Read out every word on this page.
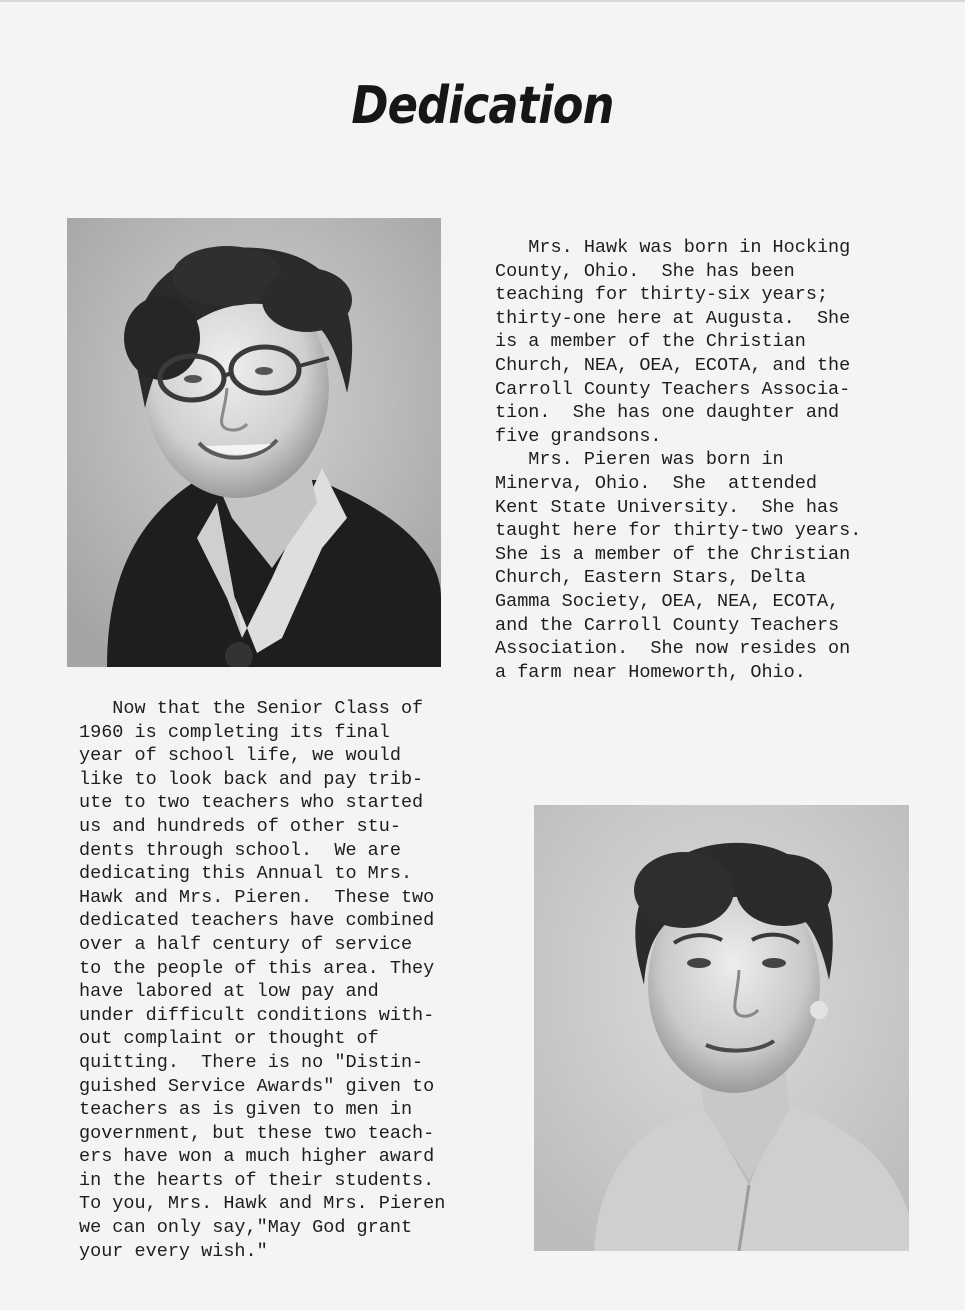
Dedication
Mrs. Hawk was born in Hocking
County, Ohio.  She has been
teaching for thirty-six years;
thirty-one here at Augusta.  She
is a member of the Christian
Church, NEA, OEA, ECOTA, and the
Carroll County Teachers Associa-
tion.  She has one daughter and
five grandsons.
Mrs. Pieren was born in
Minerva, Ohio.  She  attended
Kent State University.  She has
taught here for thirty-two years.
She is a member of the Christian
Church, Eastern Stars, Delta
Gamma Society, OEA, NEA, ECOTA,
and the Carroll County Teachers
Association.  She now resides on
a farm near Homeworth, Ohio.
Now that the Senior Class of
1960 is completing its final
year of school life, we would
like to look back and pay trib-
ute to two teachers who started
us and hundreds of other stu-
dents through school.  We are
dedicating this Annual to Mrs.
Hawk and Mrs. Pieren.  These two
dedicated teachers have combined
over a half century of service
to the people of this area. They
have labored at low pay and
under difficult conditions with-
out complaint or thought of
quitting.  There is no "Distin-
guished Service Awards" given to
teachers as is given to men in
government, but these two teach-
ers have won a much higher award
in the hearts of their students.
To you, Mrs. Hawk and Mrs. Pieren
we can only say,"May God grant
your every wish."
